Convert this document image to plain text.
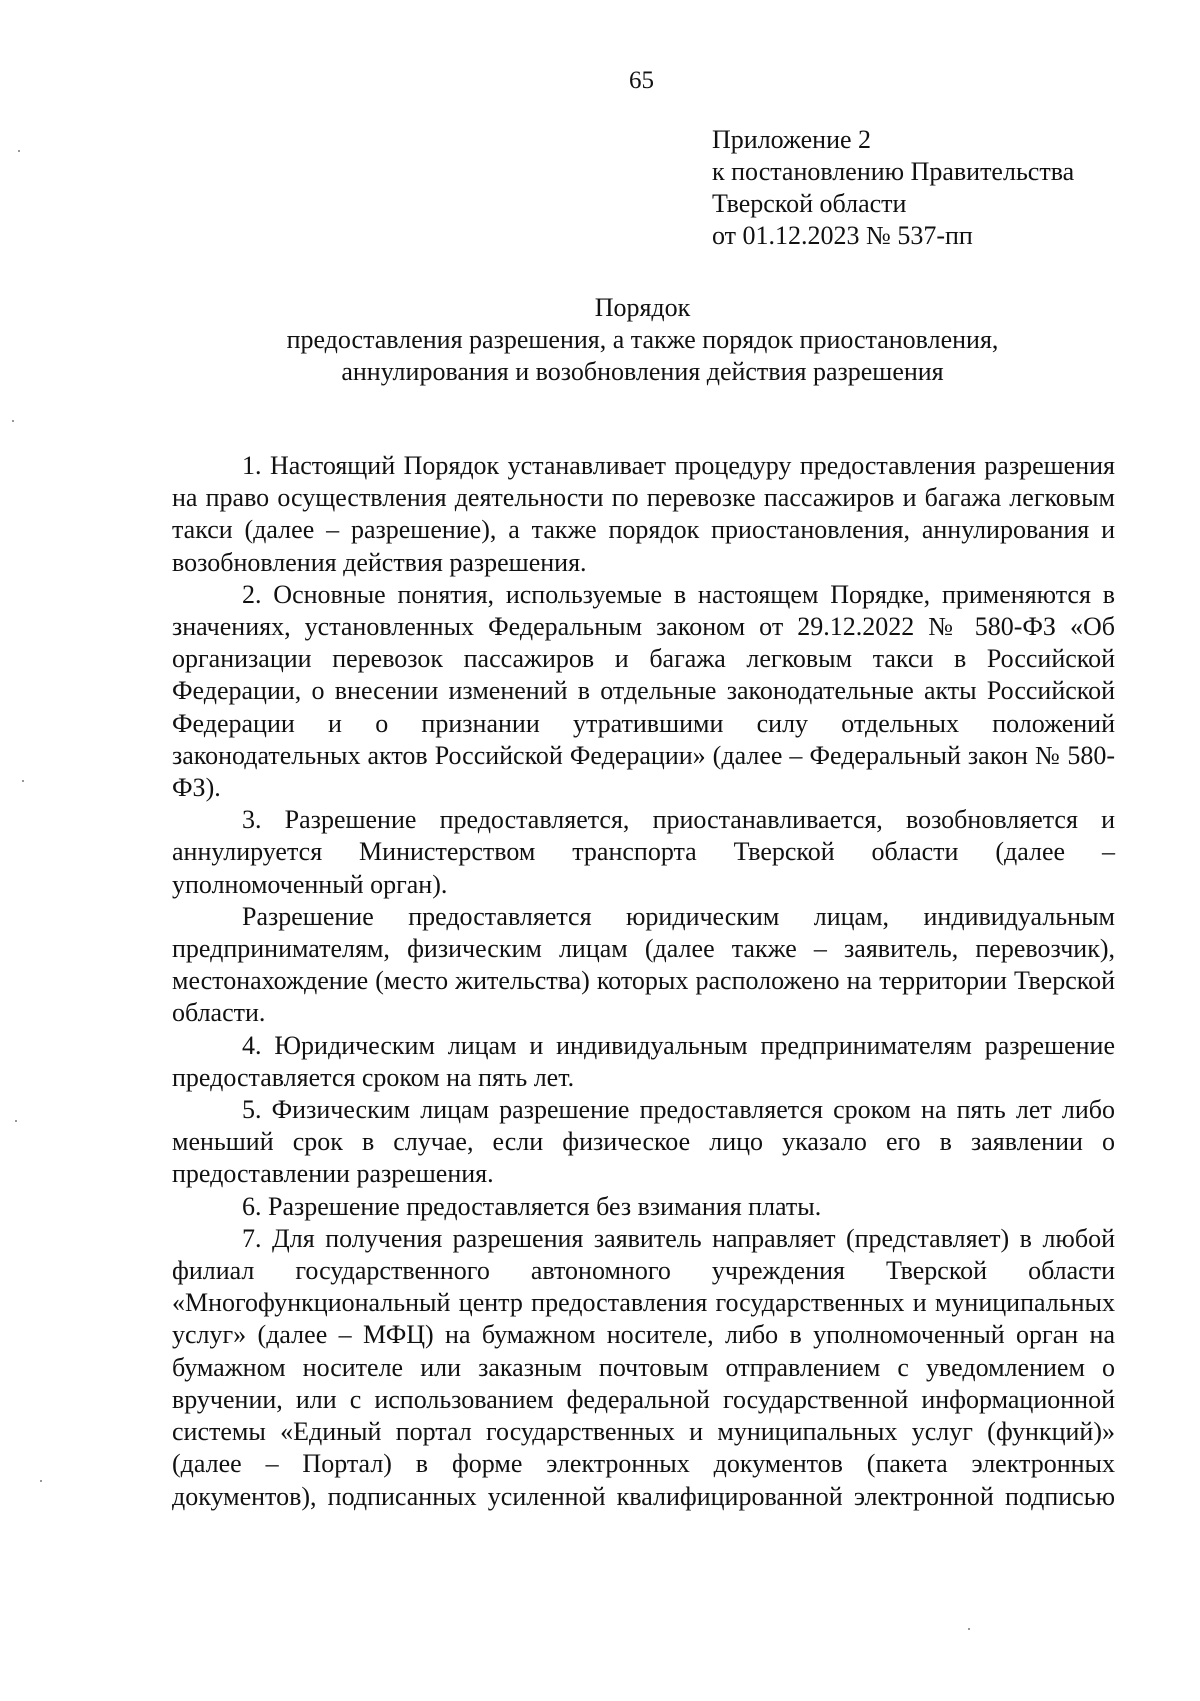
65
Приложение 2
к постановлению Правительства
Тверской области
от 01.12.2023 № 537-пп
Порядок
предоставления разрешения, а также порядок приостановления,
аннулирования и возобновления действия разрешения

1. Настоящий Порядок устанавливает процедуру предоставления разрешения на право осуществления деятельности по перевозке пассажиров и багажа легковым такси (далее – разрешение), а также порядок приостановления, аннулирования и возобновления действия разрешения.

2. Основные понятия, используемые в настоящем Порядке, применяются в значениях, установленных Федеральным законом от 29.12.2022 № 580-ФЗ «Об организации перевозок пассажиров и багажа легковым такси в Российской Федерации, о внесении изменений в отдельные законодательные акты Российской Федерации и о признании утратившими силу отдельных положений законодательных актов Российской Федерации» (далее – Федеральный закон № 580-ФЗ).

3. Разрешение предоставляется, приостанавливается, возобновляется и аннулируется Министерством транспорта Тверской области (далее – уполномоченный орган).

Разрешение предоставляется юридическим лицам, индивидуальным предпринимателям, физическим лицам (далее также – заявитель, перевозчик), местонахождение (место жительства) которых расположено на территории Тверской области.

4. Юридическим лицам и индивидуальным предпринимателям разрешение предоставляется сроком на пять лет.

5. Физическим лицам разрешение предоставляется сроком на пять лет либо меньший срок в случае, если физическое лицо указало его в заявлении о предоставлении разрешения.

6. Разрешение предоставляется без взимания платы.

7. Для получения разрешения заявитель направляет (представляет) в любой филиал государственного автономного учреждения Тверской области «Многофункциональный центр предоставления государственных и муниципальных услуг» (далее – МФЦ) на бумажном носителе, либо в уполномоченный орган на бумажном носителе или заказным почтовым отправлением с уведомлением о вручении, или с использованием федеральной государственной информационной системы «Единый портал государственных и муниципальных услуг (функций)» (далее – Портал) в форме электронных документов (пакета электронных документов), подписанных усиленной квалифицированной электронной подписью
